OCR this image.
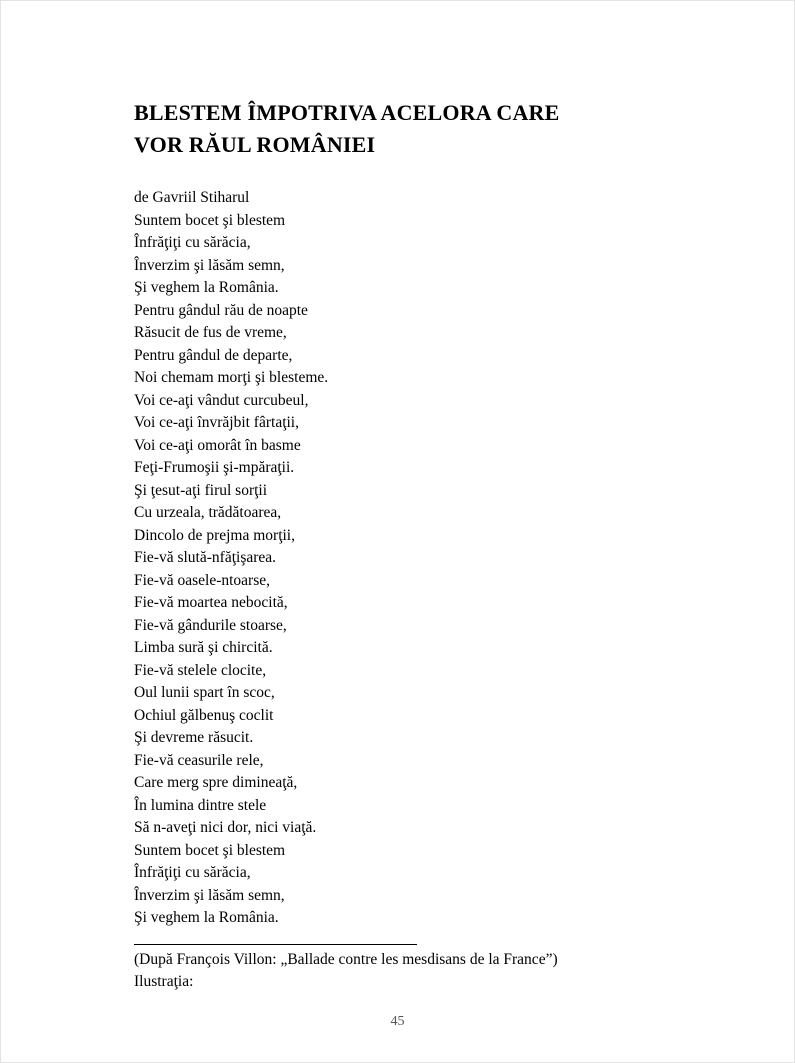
BLESTEM ÎMPOTRIVA ACELORA CARE
VOR RĂUL ROMÂNIEI
de Gavriil Stiharul
Suntem bocet şi blestem
Înfrăţiţi cu sărăcia,
Înverzim şi lăsăm semn,
Şi veghem la România.
Pentru gândul rău de noapte
Răsucit de fus de vreme,
Pentru gândul de departe,
Noi chemam morţi şi blesteme.
Voi ce-aţi vândut curcubeul,
Voi ce-aţi învrăjbit fârtaţii,
Voi ce-aţi omorât în basme
Feţi-Frumoşii şi-mpăraţii.
Şi ţesut-aţi firul sorţii
Cu urzeala, trădătoarea,
Dincolo de prejma morţii,
Fie-vă slută-nfăţişarea.
Fie-vă oasele-ntoarse,
Fie-vă moartea nebocită,
Fie-vă gândurile stoarse,
Limba sură şi chircită.
Fie-vă stelele clocite,
Oul lunii spart în scoc,
Ochiul gălbenuş coclit
Şi devreme răsucit.
Fie-vă ceasurile rele,
Care merg spre dimineaţă,
În lumina dintre stele
Să n-aveţi nici dor, nici viaţă.
Suntem bocet şi blestem
Înfrăţiţi cu sărăcia,
Înverzim şi lăsăm semn,
Şi veghem la România.
(După François Villon: „Ballade contre les mesdisans de la France”)
Ilustraţia:
45
